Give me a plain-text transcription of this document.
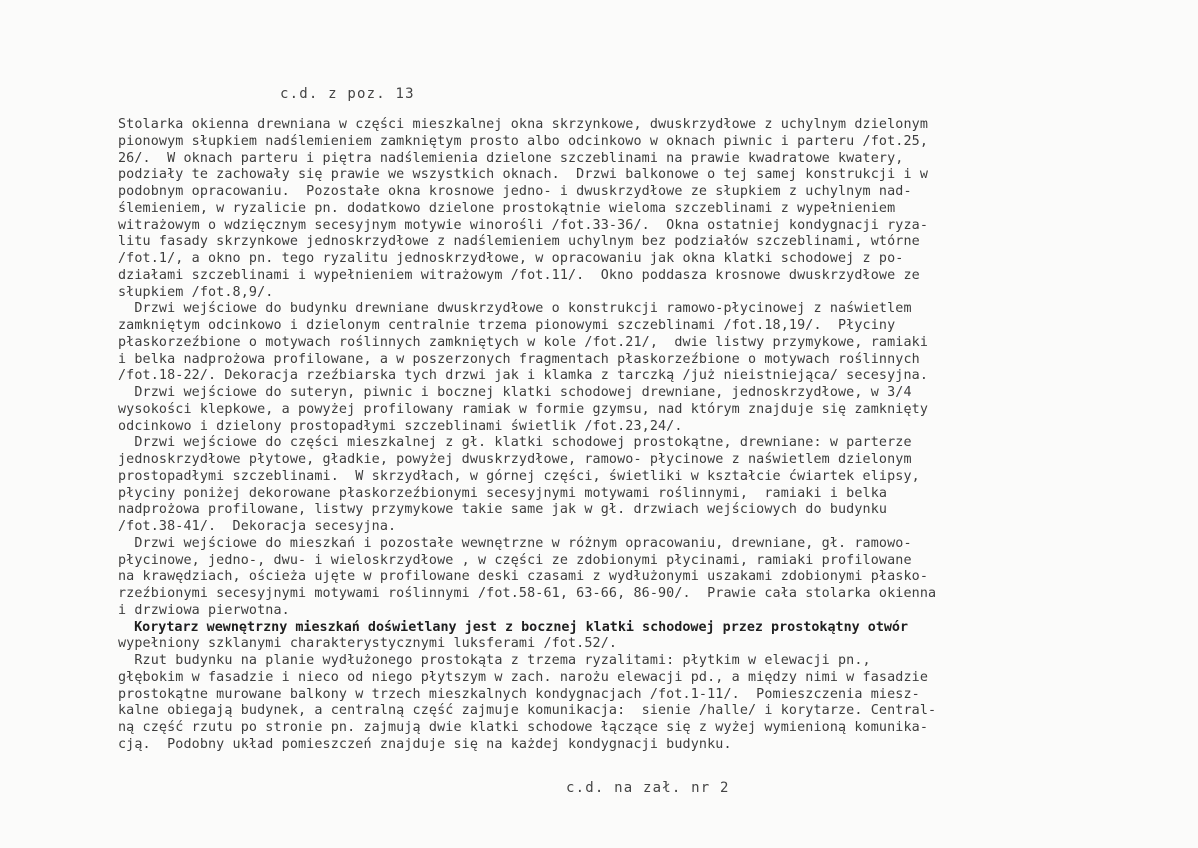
c.d. z poz. 13
Stolarka okienna drewniana w części mieszkalnej okna skrzynkowe, dwuskrzydłowe z uchylnym dzielonym
pionowym słupkiem nadślemieniem zamkniętym prosto albo odcinkowo w oknach piwnic i parteru /fot.25,
26/.  W oknach parteru i piętra nadślemienia dzielone szczeblinami na prawie kwadratowe kwatery,
podziały te zachowały się prawie we wszystkich oknach.  Drzwi balkonowe o tej samej konstrukcji i w
podobnym opracowaniu.  Pozostałe okna krosnowe jedno- i dwuskrzydłowe ze słupkiem z uchylnym nad-
ślemieniem, w ryzalicie pn. dodatkowo dzielone prostokątnie wieloma szczeblinami z wypełnieniem
witrażowym o wdzięcznym secesyjnym motywie winorośli /fot.33-36/.  Okna ostatniej kondygnacji ryza-
litu fasady skrzynkowe jednoskrzydłowe z nadślemieniem uchylnym bez podziałów szczeblinami, wtórne
/fot.1/, a okno pn. tego ryzalitu jednoskrzydłowe, w opracowaniu jak okna klatki schodowej z po-
działami szczeblinami i wypełnieniem witrażowym /fot.11/.  Okno poddasza krosnowe dwuskrzydłowe ze
słupkiem /fot.8,9/.
Drzwi wejściowe do budynku drewniane dwuskrzydłowe o konstrukcji ramowo-płycinowej z naświetlem
zamkniętym odcinkowo i dzielonym centralnie trzema pionowymi szczeblinami /fot.18,19/.  Płyciny
płaskorzeźbione o motywach roślinnych zamkniętych w kole /fot.21/,  dwie listwy przymykowe, ramiaki
i belka nadprożowa profilowane, a w poszerzonych fragmentach płaskorzeźbione o motywach roślinnych
/fot.18-22/. Dekoracja rzeźbiarska tych drzwi jak i klamka z tarczką /już nieistniejąca/ secesyjna.
Drzwi wejściowe do suteryn, piwnic i bocznej klatki schodowej drewniane, jednoskrzydłowe, w 3/4
wysokości klepkowe, a powyżej profilowany ramiak w formie gzymsu, nad którym znajduje się zamknięty
odcinkowo i dzielony prostopadłymi szczeblinami świetlik /fot.23,24/.
Drzwi wejściowe do części mieszkalnej z gł. klatki schodowej prostokątne, drewniane: w parterze
jednoskrzydłowe płytowe, gładkie, powyżej dwuskrzydłowe, ramowo- płycinowe z naświetlem dzielonym
prostopadłymi szczeblinami.  W skrzydłach, w górnej części, świetliki w kształcie ćwiartek elipsy,
płyciny poniżej dekorowane płaskorzeźbionymi secesyjnymi motywami roślinnymi,  ramiaki i belka
nadprożowa profilowane, listwy przymykowe takie same jak w gł. drzwiach wejściowych do budynku
/fot.38-41/.  Dekoracja secesyjna.
Drzwi wejściowe do mieszkań i pozostałe wewnętrzne w różnym opracowaniu, drewniane, gł. ramowo-
płycinowe, jedno-, dwu- i wieloskrzydłowe , w części ze zdobionymi płycinami, ramiaki profilowane
na krawędziach, ościeża ujęte w profilowane deski czasami z wydłużonymi uszakami zdobionymi płasko-
rzeźbionymi secesyjnymi motywami roślinnymi /fot.58-61, 63-66, 86-90/.  Prawie cała stolarka okienna
i drzwiowa pierwotna.
Korytarz wewnętrzny mieszkań doświetlany jest z bocznej klatki schodowej przez prostokątny otwór
wypełniony szklanymi charakterystycznymi luksferami /fot.52/.
Rzut budynku na planie wydłużonego prostokąta z trzema ryzalitami: płytkim w elewacji pn.,
głębokim w fasadzie i nieco od niego płytszym w zach. narożu elewacji pd., a między nimi w fasadzie
prostokątne murowane balkony w trzech mieszkalnych kondygnacjach /fot.1-11/.  Pomieszczenia miesz-
kalne obiegają budynek, a centralną część zajmuje komunikacja:  sienie /halle/ i korytarze. Central-
ną część rzutu po stronie pn. zajmują dwie klatki schodowe łączące się z wyżej wymienioną komunika-
cją.  Podobny układ pomieszczeń znajduje się na każdej kondygnacji budynku.
c.d. na zał. nr 2
